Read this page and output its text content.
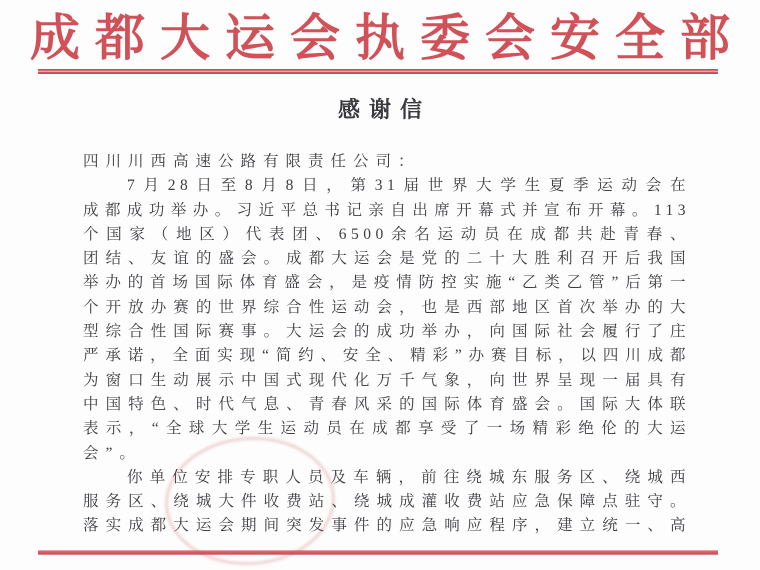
成都大运会执委会安全部
感谢信
四川川西高速公路有限责任公司：
7月28日至8月8日，第31届世界大学生夏季运动会在
成都成功举办。习近平总书记亲自出席开幕式并宣布开幕。113
个国家（地区）代表团、6500余名运动员在成都共赴青春、
团结、友谊的盛会。成都大运会是党的二十大胜利召开后我国
举办的首场国际体育盛会，是疫情防控实施“乙类乙管”后第一
个开放办赛的世界综合性运动会，也是西部地区首次举办的大
型综合性国际赛事。大运会的成功举办，向国际社会履行了庄
严承诺，全面实现“简约、安全、精彩”办赛目标，以四川成都
为窗口生动展示中国式现代化万千气象，向世界呈现一届具有
中国特色、时代气息、青春风采的国际体育盛会。国际大体联
表示，“全球大学生运动员在成都享受了一场精彩绝伦的大运
会”。
你单位安排专职人员及车辆，前往绕城东服务区、绕城西
服务区、绕城大件收费站、绕城成灌收费站应急保障点驻守。
落实成都大运会期间突发事件的应急响应程序，建立统一、高
